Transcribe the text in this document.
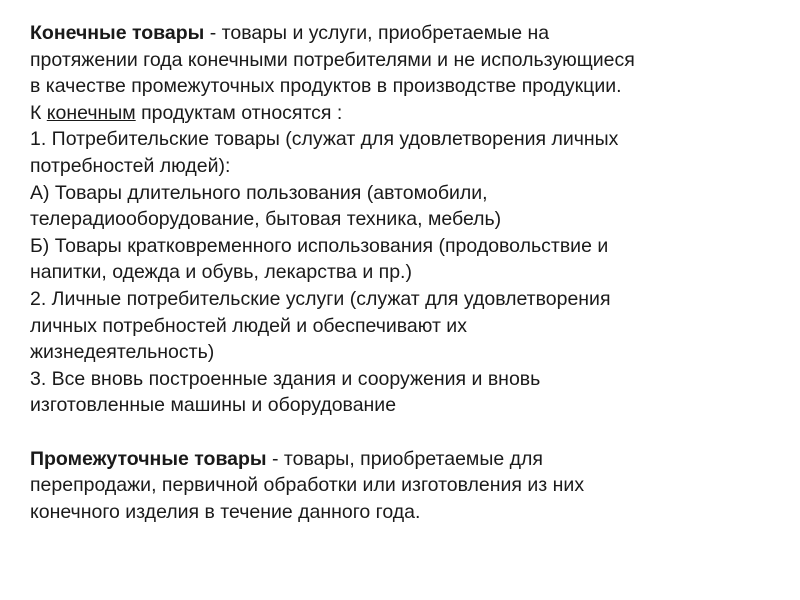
Конечные товары - товары и услуги, приобретаемые на
протяжении года конечными потребителями и не использующиеся
в качестве промежуточных продуктов в производстве продукции.

К конечным продуктам относятся :

1. Потребительские товары (служат для удовлетворения личных
потребностей людей):

А) Товары длительного пользования (автомобили,
телерадиооборудование, бытовая техника, мебель)

Б) Товары кратковременного использования (продовольствие и
напитки, одежда и обувь, лекарства и пр.)

2. Личные потребительские услуги (служат для удовлетворения
личных потребностей людей и обеспечивают их
жизнедеятельность)

3. Все вновь построенные здания и сооружения и вновь
изготовленные машины и оборудование

Промежуточные товары - товары, приобретаемые для
перепродажи, первичной обработки или изготовления из них
конечного изделия в течение данного года.
